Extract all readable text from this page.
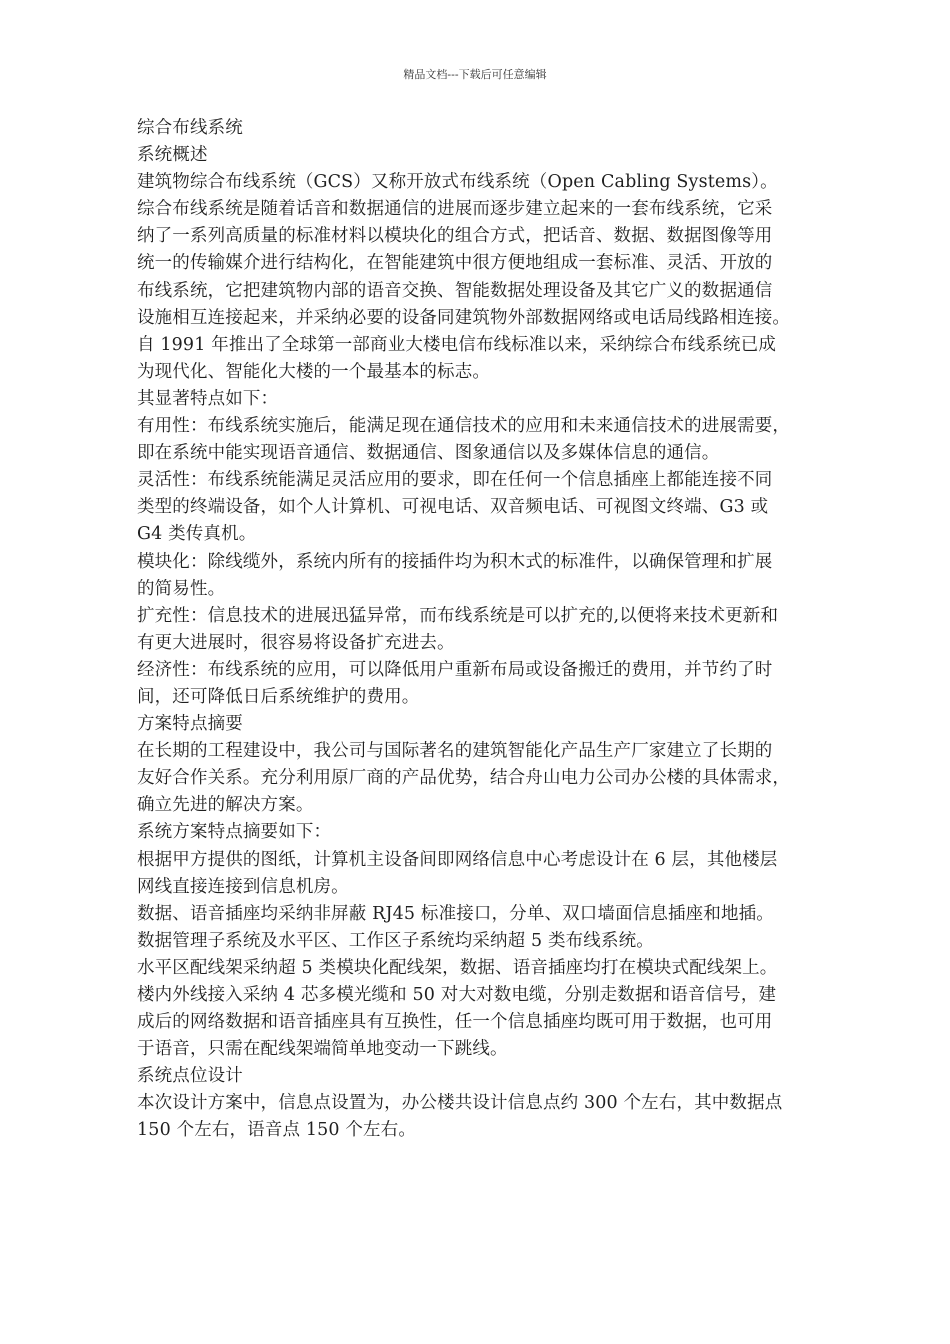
精品文档---下载后可任意编辑
综合布线系统
系统概述
建筑物综合布线系统（GCS）又称开放式布线系统（Open Cabling Systems）。
综合布线系统是随着话音和数据通信的进展而逐步建立起来的一套布线系统，它采
纳了一系列高质量的标准材料以模块化的组合方式，把话音、数据、数据图像等用
统一的传输媒介进行结构化，在智能建筑中很方便地组成一套标准、灵活、开放的
布线系统，它把建筑物内部的语音交换、智能数据处理设备及其它广义的数据通信
设施相互连接起来，并采纳必要的设备同建筑物外部数据网络或电话局线路相连接。
自 1991 年推出了全球第一部商业大楼电信布线标准以来，采纳综合布线系统已成
为现代化、智能化大楼的一个最基本的标志。
其显著特点如下：
有用性：布线系统实施后，能满足现在通信技术的应用和未来通信技术的进展需要，
即在系统中能实现语音通信、数据通信、图象通信以及多媒体信息的通信。
灵活性：布线系统能满足灵活应用的要求，即在任何一个信息插座上都能连接不同
类型的终端设备，如个人计算机、可视电话、双音频电话、可视图文终端、G3 或
G4 类传真机。
模块化：除线缆外，系统内所有的接插件均为积木式的标准件，以确保管理和扩展
的简易性。
扩充性：信息技术的进展迅猛异常，而布线系统是可以扩充的,以便将来技术更新和
有更大进展时，很容易将设备扩充进去。
经济性：布线系统的应用，可以降低用户重新布局或设备搬迁的费用，并节约了时
间，还可降低日后系统维护的费用。
方案特点摘要
在长期的工程建设中，我公司与国际著名的建筑智能化产品生产厂家建立了长期的
友好合作关系。充分利用原厂商的产品优势，结合舟山电力公司办公楼的具体需求，
确立先进的解决方案。
系统方案特点摘要如下：
根据甲方提供的图纸，计算机主设备间即网络信息中心考虑设计在 6 层，其他楼层
网线直接连接到信息机房。
数据、语音插座均采纳非屏蔽 RJ45 标准接口，分单、双口墙面信息插座和地插。
数据管理子系统及水平区、工作区子系统均采纳超 5 类布线系统。
水平区配线架采纳超 5 类模块化配线架，数据、语音插座均打在模块式配线架上。
楼内外线接入采纳 4 芯多模光缆和 50 对大对数电缆，分别走数据和语音信号，建
成后的网络数据和语音插座具有互换性，任一个信息插座均既可用于数据，也可用
于语音，只需在配线架端简单地变动一下跳线。
系统点位设计
本次设计方案中，信息点设置为，办公楼共设计信息点约 300 个左右，其中数据点
150 个左右，语音点 150 个左右。
